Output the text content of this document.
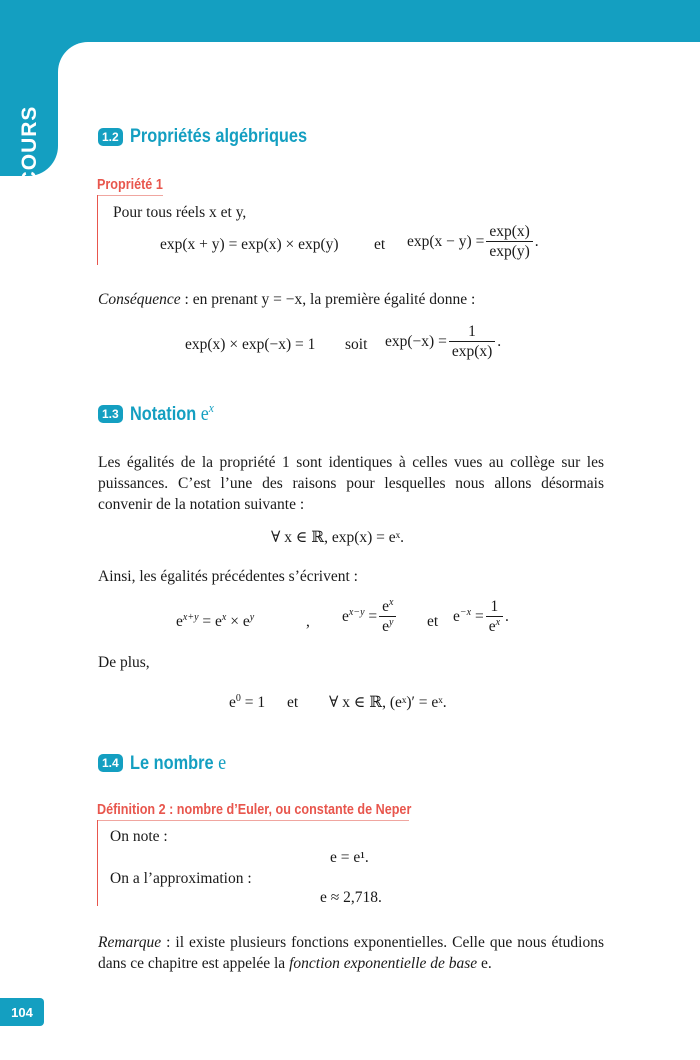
COURS	1.2 Propriétés algébriques
Propriété 1
Pour tous réels x et y,
exp(x + y) = exp(x) × exp(y) et $\exp(x - y) = \frac{\exp(x)}{\exp(y)}$ .
Conséquence : en prenant y = −x, la première égalité donne :
exp(x) × exp(−x) = 1 soit $\exp(-x) = \frac{1}{\exp(x)}$ .
1.3 Notation $e^x$
Les égalités de la propriété 1 sont identiques à celles vues au collège sur les puissances. C’est l’une des raisons pour lesquelles nous allons désormais convenir de la notation suivante :
∀ x ∈ ℝ, exp(x) = eˣ.
Ainsi, les égalités précédentes s’écrivent :
$e^{x+y} = e^x \times e^y$	, $e^{x-y} = \frac{e^x}{e^y}$ et $e^{-x} = \frac{1}{e^x}$ .
De plus,
$e^0 = 1$ et ∀ x ∈ ℝ, (eˣ)′ = eˣ.
1.4 Le nombre e
Définition 2 : nombre d’Euler, ou constante de Neper
On note :
e = e¹.
On a l’approximation :
e ≈ 2,718.
Remarque : il existe plusieurs fonctions exponentielles. Celle que nous étudions dans ce chapitre est appelée la fonction exponentielle de base e.
104
